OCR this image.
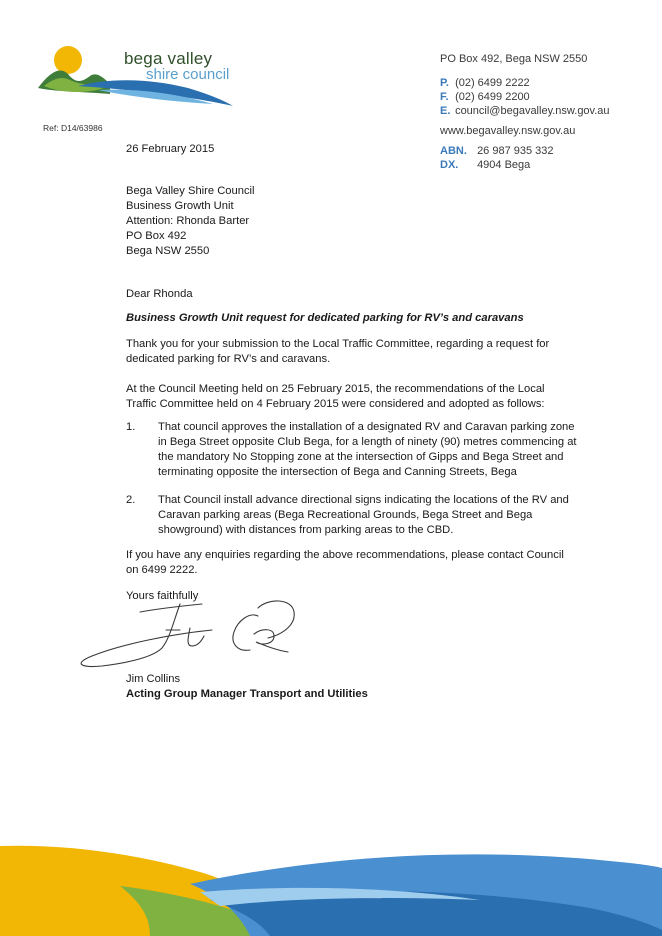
bega valley
shire council
PO Box 492, Bega NSW 2550
P. (02) 6499 2222
F. (02) 6499 2200
E. council@begavalley.nsw.gov.au
www.begavalley.nsw.gov.au
ABN. 26 987 935 332
DX. 4904 Bega
Ref: D14/63986
26 February 2015
Bega Valley Shire Council
Business Growth Unit
Attention: Rhonda Barter
PO Box 492
Bega NSW 2550
Dear Rhonda
Business Growth Unit request for dedicated parking for RV’s and caravans
Thank you for your submission to the Local Traffic Committee, regarding a request for dedicated parking for RV’s and caravans.
At the Council Meeting held on 25 February 2015, the recommendations of the Local Traffic Committee held on 4 February 2015 were considered and adopted as follows:
1. That council approves the installation of a designated RV and Caravan parking zone in Bega Street opposite Club Bega, for a length of ninety (90) metres commencing at the mandatory No Stopping zone at the intersection of Gipps and Bega Street and terminating opposite the intersection of Bega and Canning Streets, Bega
2. That Council install advance directional signs indicating the locations of the RV and Caravan parking areas (Bega Recreational Grounds, Bega Street and Bega showground) with distances from parking areas to the CBD.
If you have any enquiries regarding the above recommendations, please contact Council on 6499 2222.
Yours faithfully
Jim Collins
Acting Group Manager Transport and Utilities
